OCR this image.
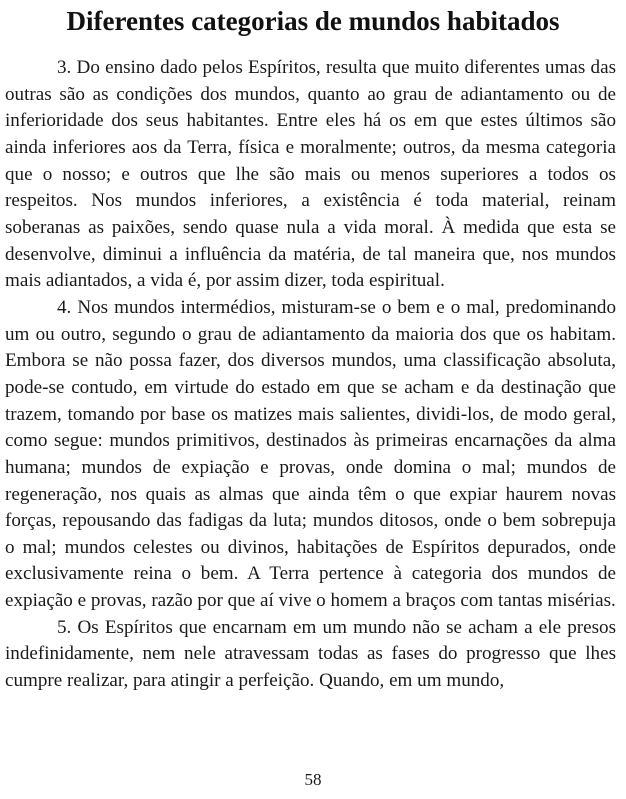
Diferentes categorias de mundos habitados

3. Do ensino dado pelos Espíritos, resulta que muito diferentes umas das outras são as condições dos mundos, quanto ao grau de adiantamento ou de inferioridade dos seus habitantes. Entre eles há os em que estes últimos são ainda inferiores aos da Terra, física e moralmente; outros, da mesma categoria que o nosso; e outros que lhe são mais ou menos superiores a todos os respeitos. Nos mundos inferiores, a existência é toda material, reinam soberanas as paixões, sendo quase nula a vida moral. À medida que esta se desenvolve, diminui a influência da matéria, de tal maneira que, nos mundos mais adiantados, a vida é, por assim dizer, toda espiritual.

4. Nos mundos intermédios, misturam-se o bem e o mal, predominando um ou outro, segundo o grau de adiantamento da maioria dos que os habitam. Embora se não possa fazer, dos diversos mundos, uma classificação absoluta, pode-se contudo, em virtude do estado em que se acham e da destinação que trazem, tomando por base os matizes mais salientes, dividi-los, de modo geral, como segue: mundos primitivos, destinados às primeiras encarnações da alma humana; mundos de expiação e provas, onde domina o mal; mundos de regeneração, nos quais as almas que ainda têm o que expiar haurem novas forças, repousando das fadigas da luta; mundos ditosos, onde o bem sobrepuja o mal; mundos celestes ou divinos, habitações de Espíritos depurados, onde exclusivamente reina o bem. A Terra pertence à categoria dos mundos de expiação e provas, razão por que aí vive o homem a braços com tantas misérias.

5. Os Espíritos que encarnam em um mundo não se acham a ele presos indefinidamente, nem nele atravessam todas as fases do progresso que lhes cumpre realizar, para atingir a perfeição. Quando, em um mundo,

58
